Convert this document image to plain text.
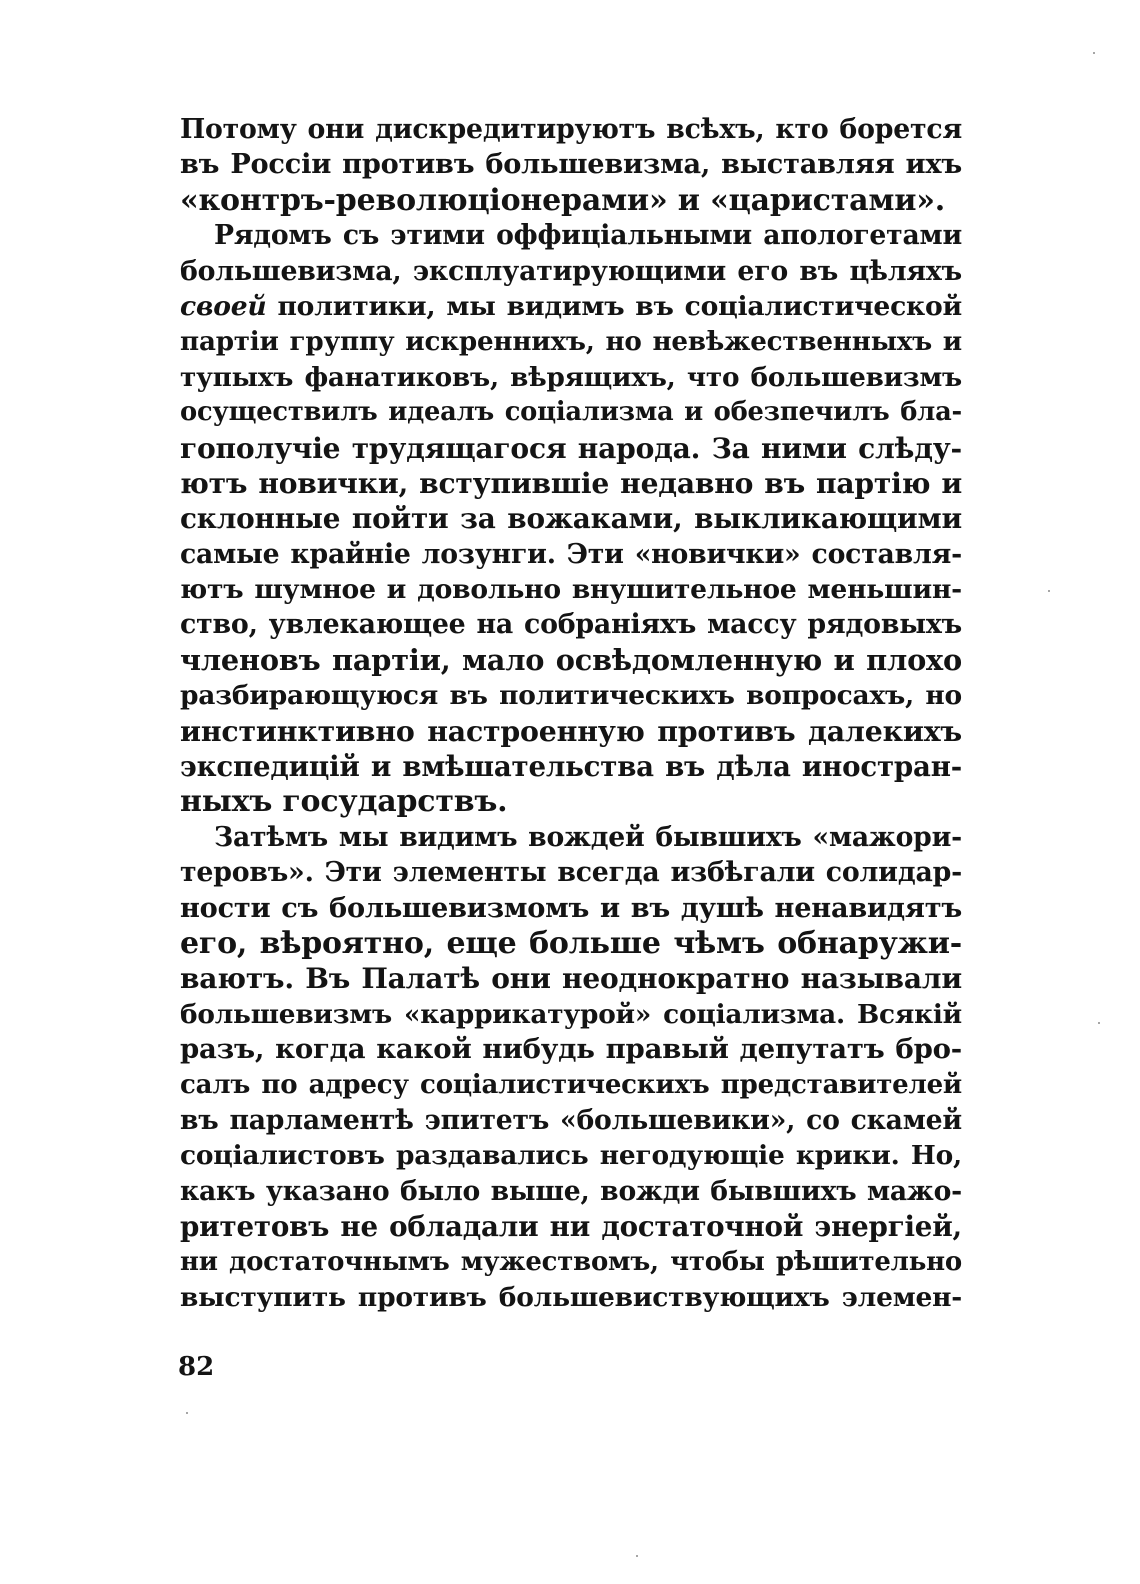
Потому они дискредитируютъ всѣхъ, кто борется
въ Россіи противъ большевизма, выставляя ихъ
«контръ-революціонерами» и «царистами».
Рядомъ съ этими оффиціальными апологетами
большевизма, эксплуатирующими его въ цѣляхъ
своей политики, мы видимъ въ соціалистической
партіи группу искреннихъ, но невѣжественныхъ и
тупыхъ фанатиковъ, вѣрящихъ, что большевизмъ
осуществилъ идеалъ соціализма и обезпечилъ бла-
гополучіе трудящагося народа. За ними слѣду-
ютъ новички, вступившіе недавно въ партію и
склонные пойти за вожаками, выкликающими
самые крайніе лозунги. Эти «новички» составля-
ютъ шумное и довольно внушительное меньшин-
ство, увлекающее на собраніяхъ массу рядовыхъ
членовъ партіи, мало освѣдомленную и плохо
разбирающуюся въ политическихъ вопросахъ, но
инстинктивно настроенную противъ далекихъ
экспедицій и вмѣшательства въ дѣла иностран-
ныхъ государствъ.
Затѣмъ мы видимъ вождей бывшихъ «мажори-
теровъ». Эти элементы всегда избѣгали солидар-
ности съ большевизмомъ и въ душѣ ненавидятъ
его, вѣроятно, еще больше чѣмъ обнаружи-
ваютъ. Въ Палатѣ они неоднократно называли
большевизмъ «каррикатурой» соціализма. Всякій
разъ, когда какой нибудь правый депутатъ бро-
салъ по адресу соціалистическихъ представителей
въ парламентѣ эпитетъ «большевики», со скамей
соціалистовъ раздавались негодующіе крики. Но,
какъ указано было выше, вожди бывшихъ мажо-
ритетовъ не обладали ни достаточной энергіей,
ни достаточнымъ мужествомъ, чтобы рѣшительно
выступить противъ большевиствующихъ элемен-
82
